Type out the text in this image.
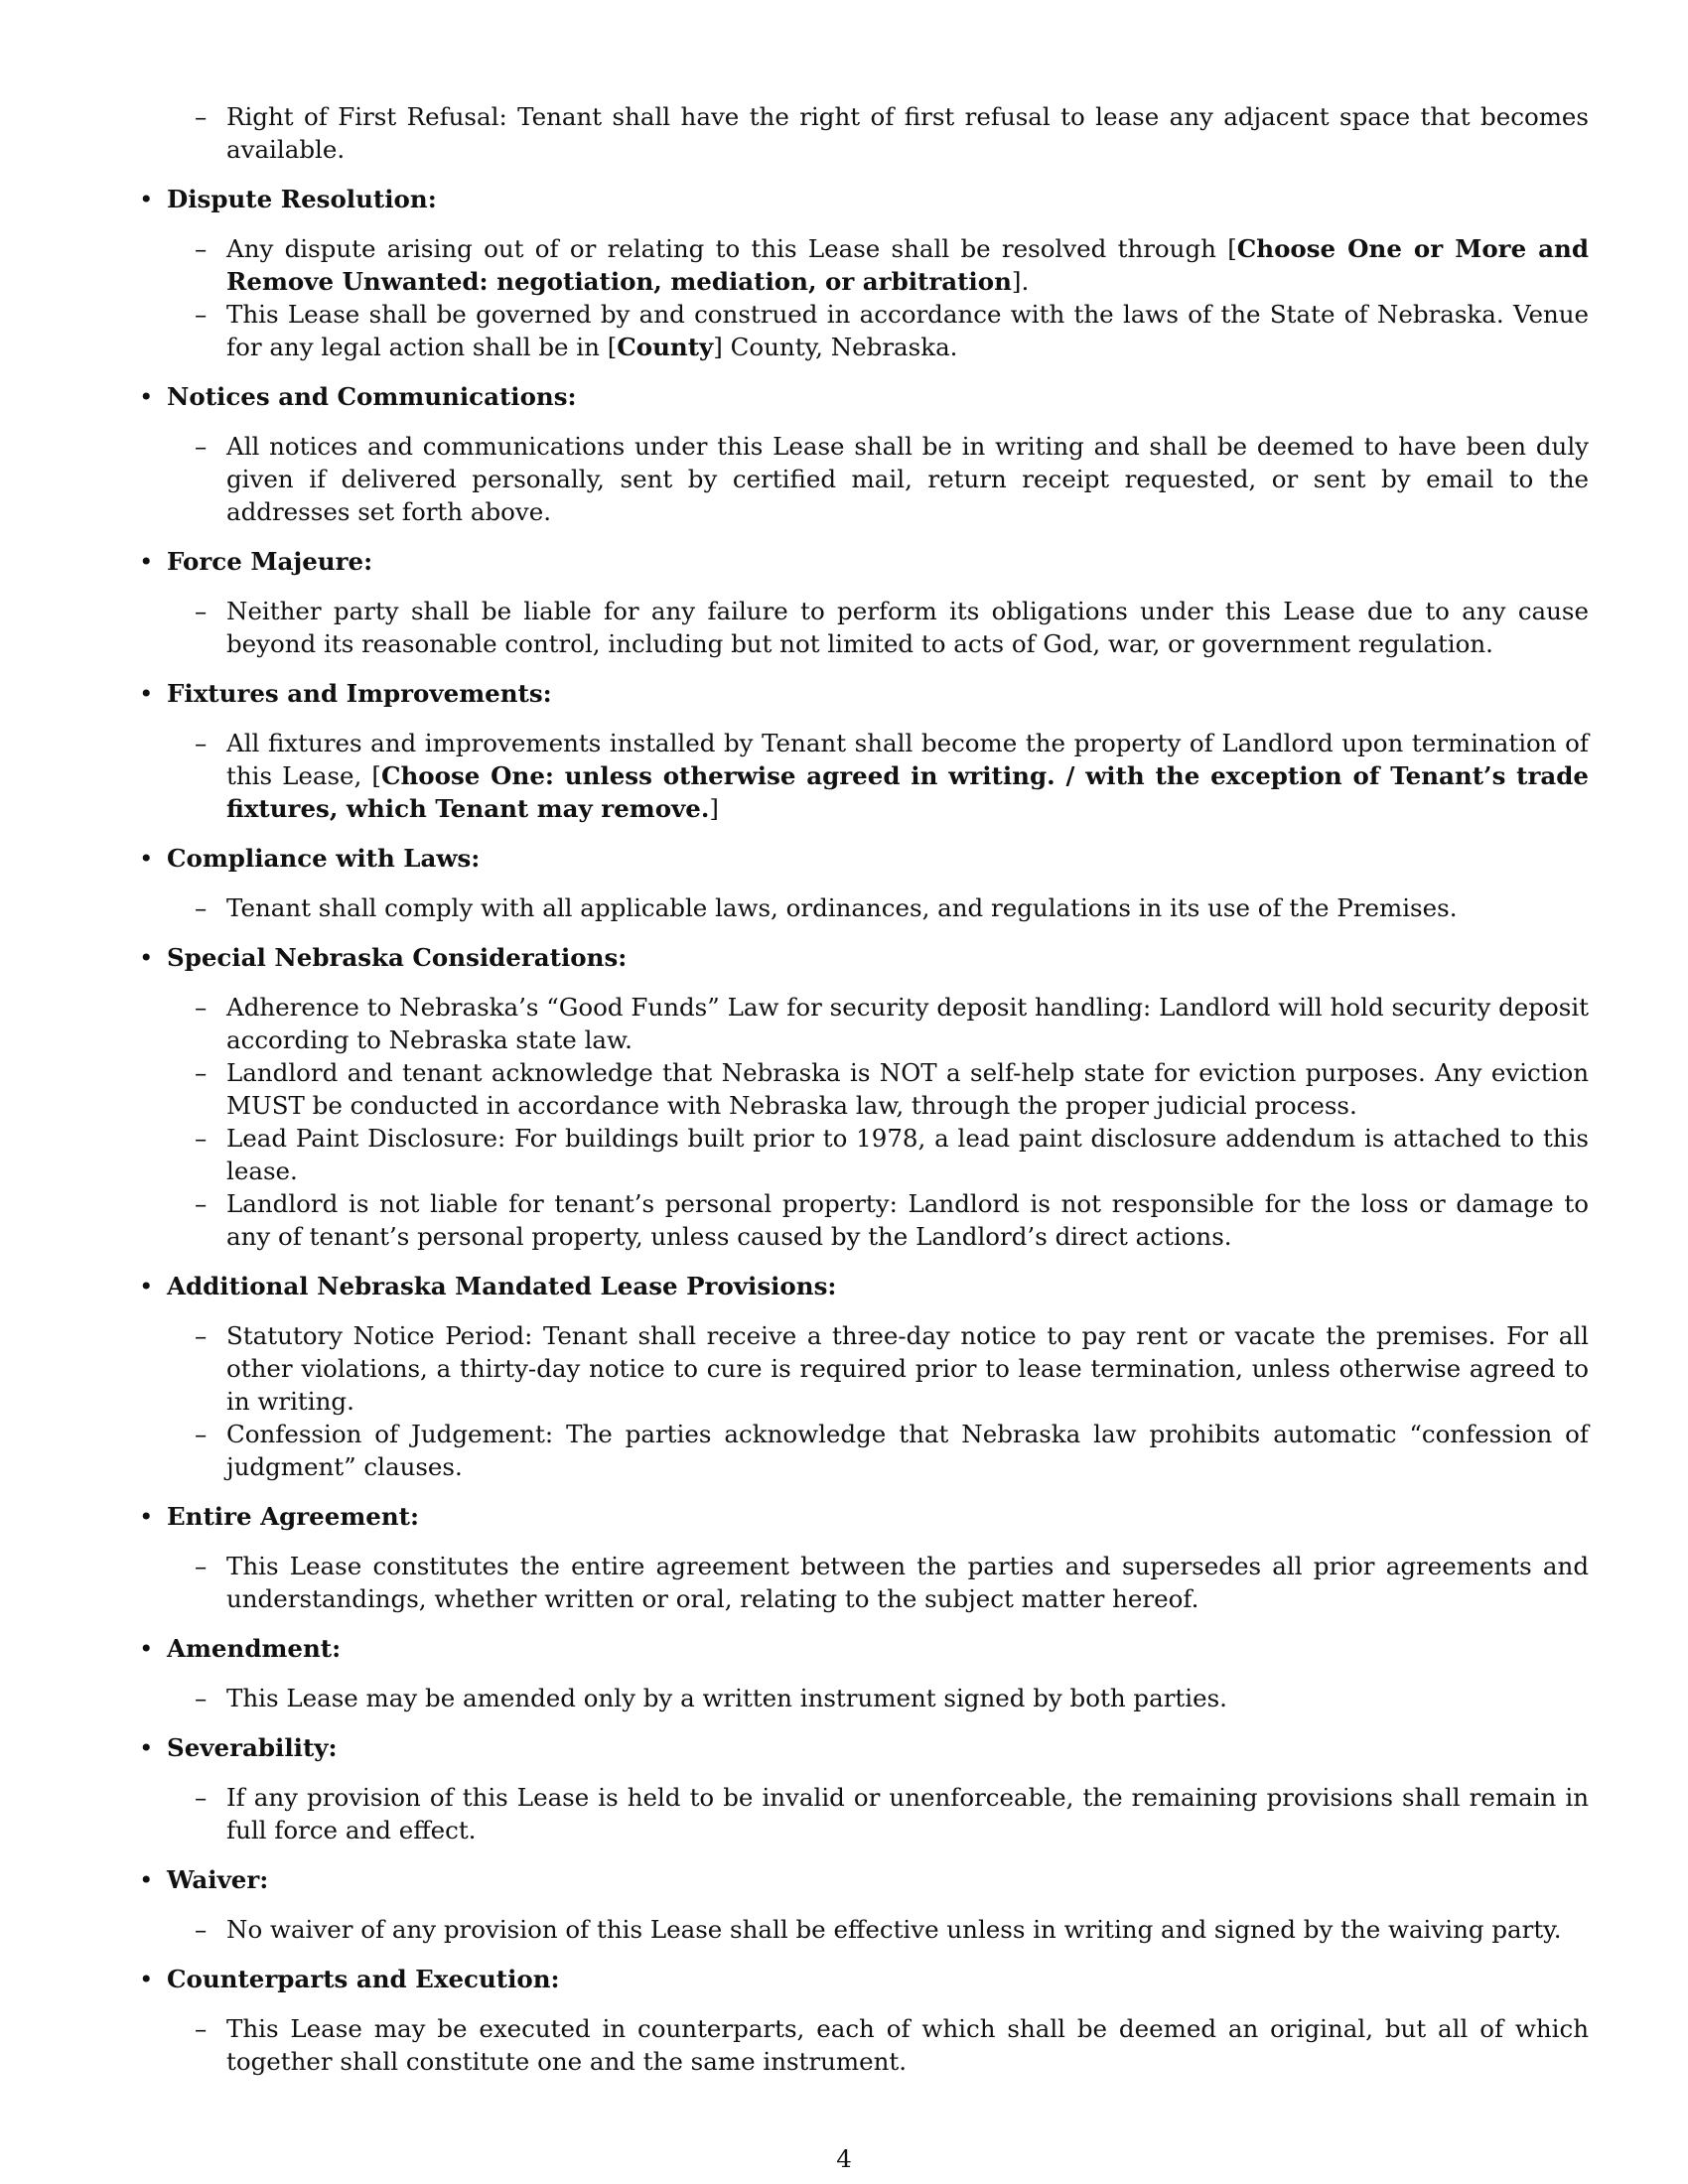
– Right of First Refusal: Tenant shall have the right of first refusal to lease any adjacent space that becomes available.
• Dispute Resolution:
– Any dispute arising out of or relating to this Lease shall be resolved through [Choose One or More and Remove Unwanted: negotiation, mediation, or arbitration].
– This Lease shall be governed by and construed in accordance with the laws of the State of Nebraska. Venue for any legal action shall be in [County] County, Nebraska.
• Notices and Communications:
– All notices and communications under this Lease shall be in writing and shall be deemed to have been duly given if delivered personally, sent by certified mail, return receipt requested, or sent by email to the addresses set forth above.
• Force Majeure:
– Neither party shall be liable for any failure to perform its obligations under this Lease due to any cause beyond its reasonable control, including but not limited to acts of God, war, or government regulation.
• Fixtures and Improvements:
– All fixtures and improvements installed by Tenant shall become the property of Landlord upon termination of this Lease, [Choose One: unless otherwise agreed in writing. / with the exception of Tenant’s trade fixtures, which Tenant may remove.]
• Compliance with Laws:
– Tenant shall comply with all applicable laws, ordinances, and regulations in its use of the Premises.
• Special Nebraska Considerations:
– Adherence to Nebraska’s “Good Funds” Law for security deposit handling: Landlord will hold security deposit according to Nebraska state law.
– Landlord and tenant acknowledge that Nebraska is NOT a self-help state for eviction purposes. Any eviction MUST be conducted in accordance with Nebraska law, through the proper judicial process.
– Lead Paint Disclosure: For buildings built prior to 1978, a lead paint disclosure addendum is attached to this lease.
– Landlord is not liable for tenant’s personal property: Landlord is not responsible for the loss or damage to any of tenant’s personal property, unless caused by the Landlord’s direct actions.
• Additional Nebraska Mandated Lease Provisions:
– Statutory Notice Period: Tenant shall receive a three-day notice to pay rent or vacate the premises. For all other violations, a thirty-day notice to cure is required prior to lease termination, unless otherwise agreed to in writing.
– Confession of Judgement: The parties acknowledge that Nebraska law prohibits automatic “confession of judgment” clauses.
• Entire Agreement:
– This Lease constitutes the entire agreement between the parties and supersedes all prior agreements and understandings, whether written or oral, relating to the subject matter hereof.
• Amendment:
– This Lease may be amended only by a written instrument signed by both parties.
• Severability:
– If any provision of this Lease is held to be invalid or unenforceable, the remaining provisions shall remain in full force and effect.
• Waiver:
– No waiver of any provision of this Lease shall be effective unless in writing and signed by the waiving party.
• Counterparts and Execution:
– This Lease may be executed in counterparts, each of which shall be deemed an original, but all of which together shall constitute one and the same instrument.
4
